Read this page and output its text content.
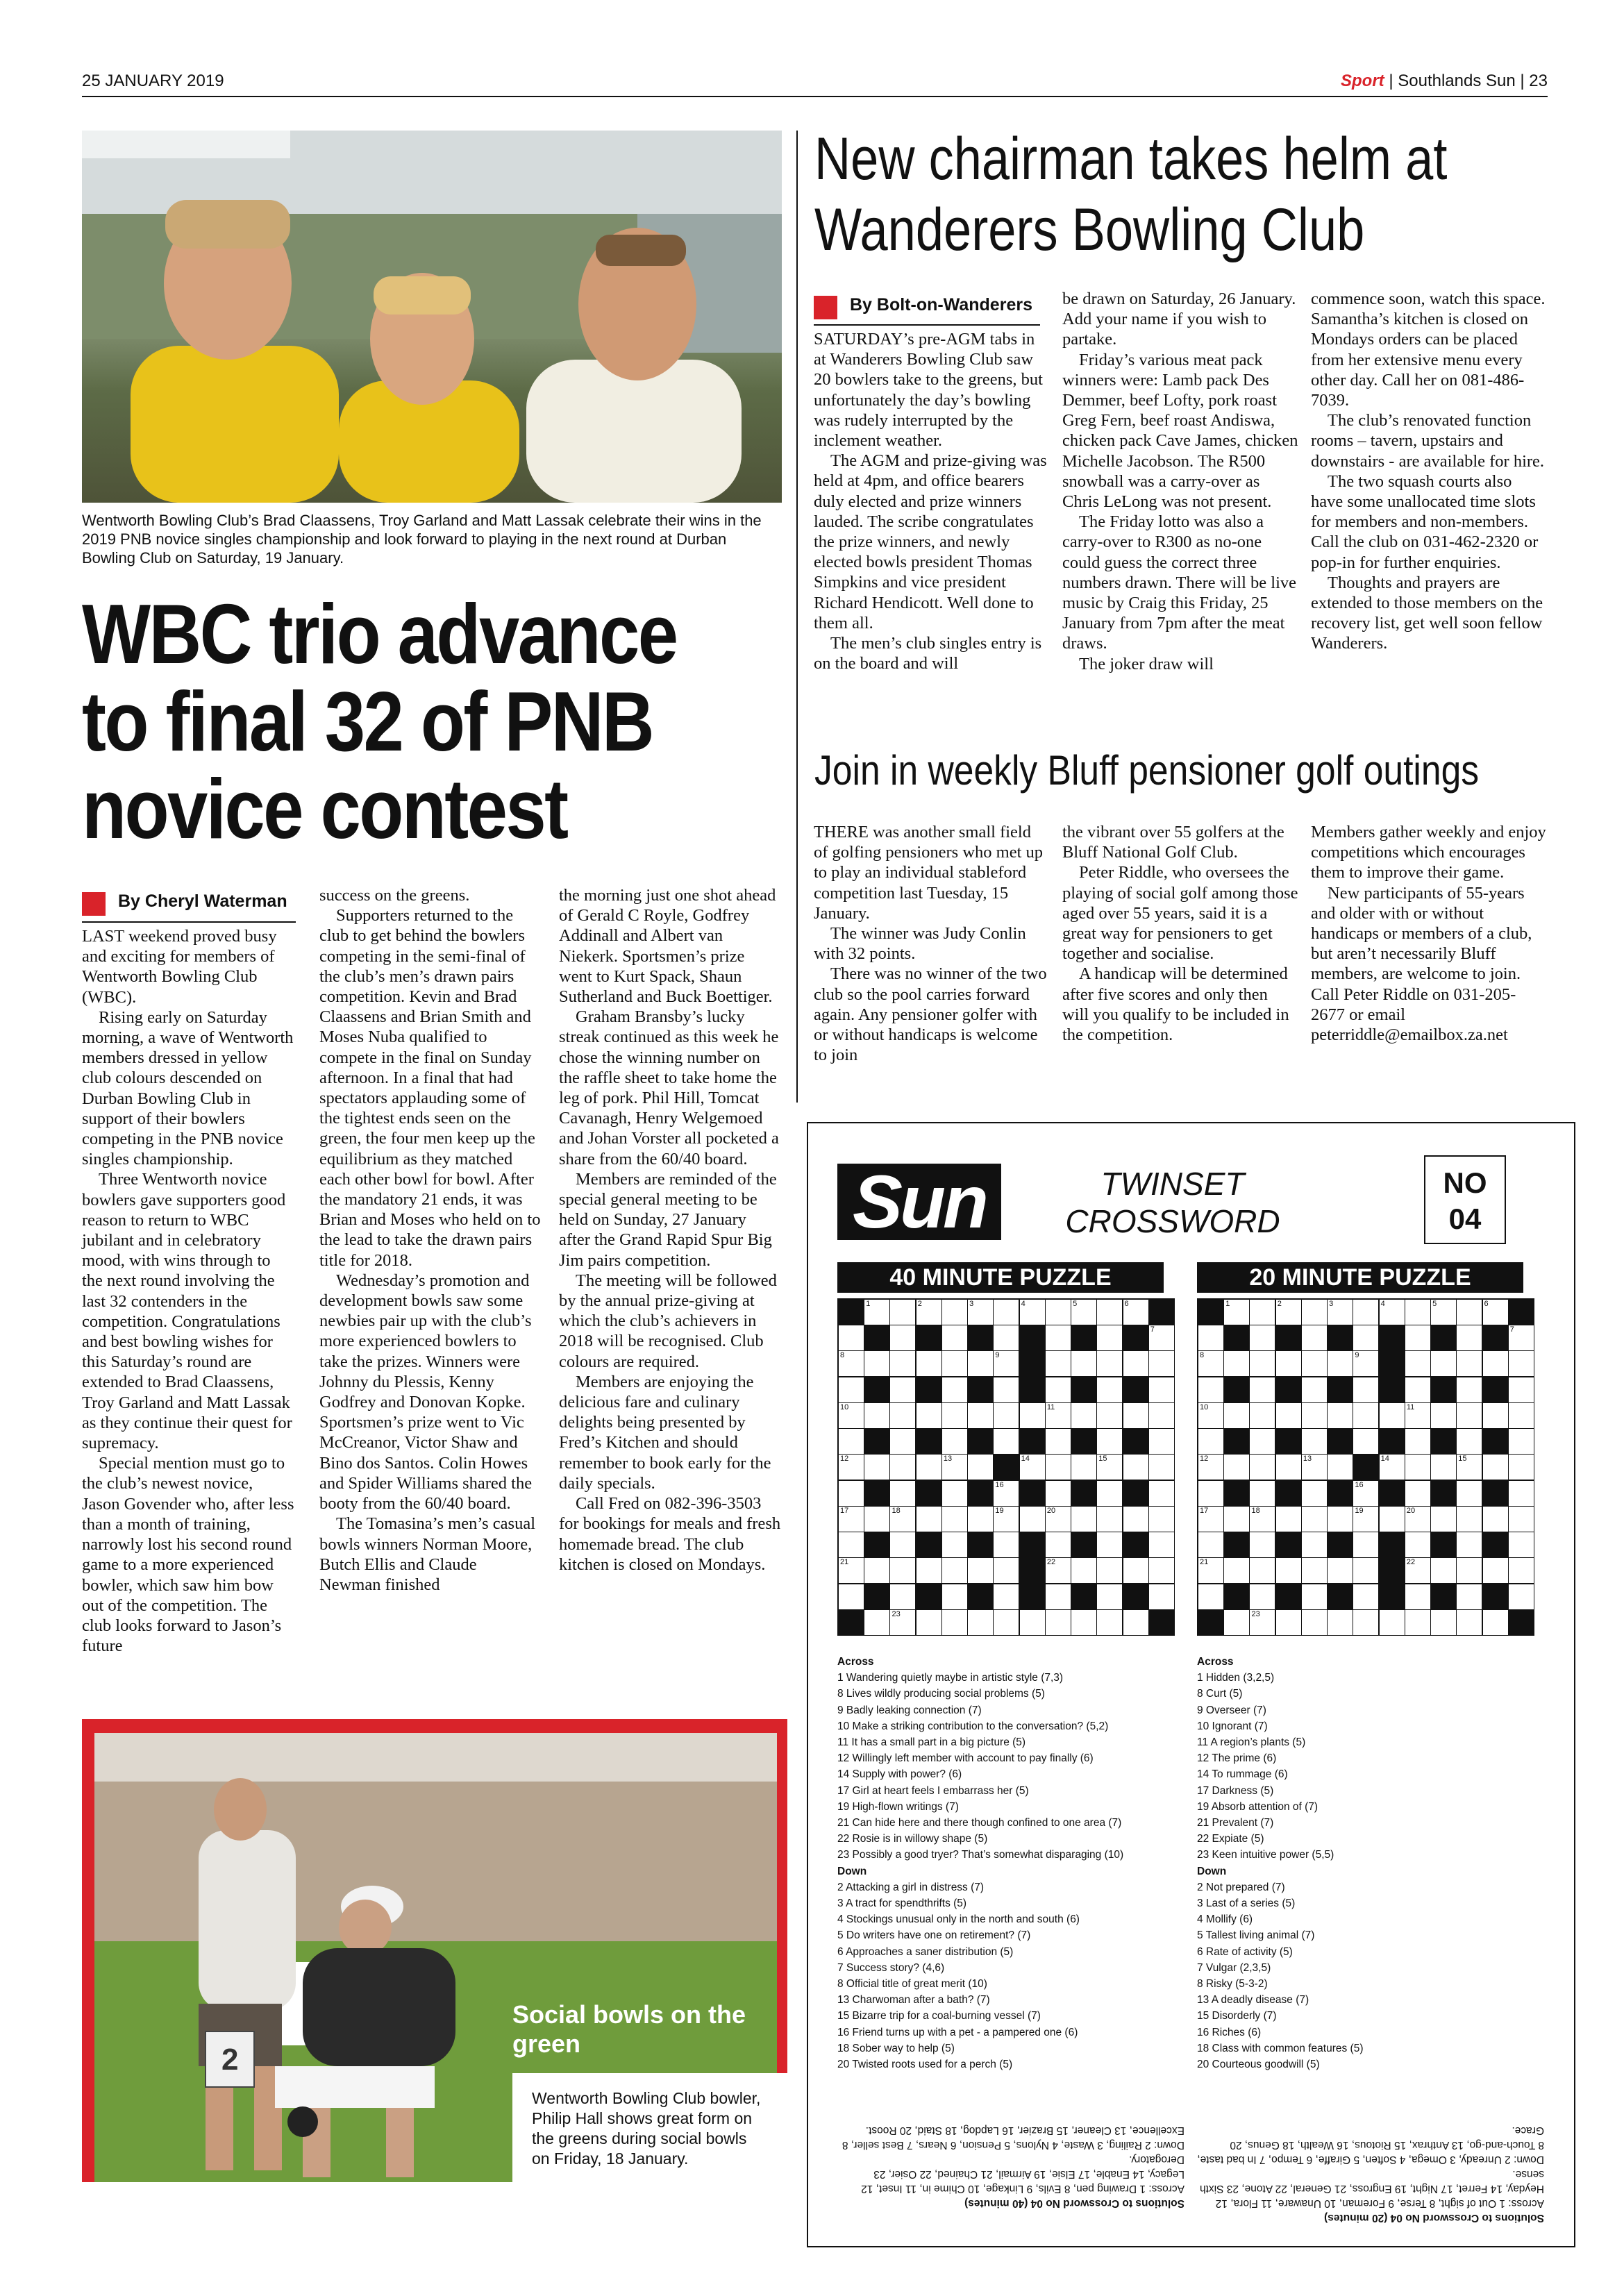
25 JANUARY 2019	Sport | Southlands Sun | 23
Wentworth Bowling Club’s Brad Claassens, Troy Garland and Matt Lassak celebrate their wins in the 2019 PNB novice singles championship and look forward to playing in the next round at Durban Bowling Club on Saturday, 19 January.
WBC trio advance
to final 32 of PNB
novice contest
By Cheryl Waterman

LAST weekend proved busy and exciting for members of Wentworth Bowling Club (WBC).

Rising early on Saturday morning, a wave of Wentworth members dressed in yellow club colours descended on Durban Bowling Club in support of their bowlers competing in the PNB novice singles championship.

Three Wentworth novice bowlers gave supporters good reason to return to WBC jubilant and in celebratory mood, with wins through to the next round involving the last 32 contenders in the competition. Congratulations and best bowling wishes for this Saturday’s round are extended to Brad Claassens, Troy Garland and Matt Lassak as they continue their quest for supremacy.

Special mention must go to the club’s newest novice, Jason Govender who, after less than a month of training, narrowly lost his second round game to a more experienced bowler, which saw him bow out of the competition. The club looks forward to Jason’s future

success on the greens.

Supporters returned to the club to get behind the bowlers competing in the semi-final of the club’s men’s drawn pairs competition. Kevin and Brad Claassens and Brian Smith and Moses Nuba qualified to compete in the final on Sunday afternoon. In a final that had spectators applauding some of the tightest ends seen on the green, the four men keep up the equilibrium as they matched each other bowl for bowl. After the mandatory 21 ends, it was Brian and Moses who held on to the lead to take the drawn pairs title for 2018.

Wednesday’s promotion and development bowls saw some newbies pair up with the club’s more experienced bowlers to take the prizes. Winners were Johnny du Plessis, Kenny Godfrey and Donovan Kopke. Sportsmen’s prize went to Vic McCreanor, Victor Shaw and Bino dos Santos. Colin Howes and Spider Williams shared the booty from the 60/40 board.

The Tomasina’s men’s casual bowls winners Norman Moore, Butch Ellis and Claude Newman finished

the morning just one shot ahead of Gerald C Royle, Godfrey Addinall and Albert van Niekerk. Sportsmen’s prize went to Kurt Spack, Shaun Sutherland and Buck Boettiger.

Graham Bransby’s lucky streak continued as this week he chose the winning number on the raffle sheet to take home the leg of pork. Phil Hill, Tomcat Cavanagh, Henry Welgemoed and Johan Vorster all pocketed a share from the 60/40 board.

Members are reminded of the special general meeting to be held on Sunday, 27 January after the Grand Rapid Spur Big Jim pairs competition.

The meeting will be followed by the annual prize-giving at which the club’s achievers in 2018 will be recognised. Club colours are required.

Members are enjoying the delicious fare and culinary delights being presented by Fred’s Kitchen and should remember to book early for the daily specials.

Call Fred on 082-396-3503 for bookings for meals and fresh homemade bread. The club kitchen is closed on Mondays.

New chairman takes helm at
Wanderers Bowling Club
By Bolt-on-Wanderers

SATURDAY’s pre-AGM tabs in at Wanderers Bowling Club saw 20 bowlers take to the greens, but unfortunately the day’s bowling was rudely interrupted by the inclement weather.

The AGM and prize-giving was held at 4pm, and office bearers duly elected and prize winners lauded. The scribe congratulates the prize winners, and newly elected bowls president Thomas Simpkins and vice president Richard Hendicott. Well done to them all.

The men’s club singles entry is on the board and will

be drawn on Saturday, 26 January. Add your name if you wish to partake.

Friday’s various meat pack winners were: Lamb pack Des Demmer, beef Lofty, pork roast Greg Fern, beef roast Andiswa, chicken pack Cave James, chicken Michelle Jacobson. The R500 snowball was a carry-over as Chris LeLong was not present.

The Friday lotto was also a carry-over to R300 as no-one could guess the correct three numbers drawn. There will be live music by Craig this Friday, 25 January from 7pm after the meat draws.

The joker draw will

commence soon, watch this space. Samantha’s kitchen is closed on Mondays orders can be placed from her extensive menu every other day. Call her on 081-486-7039.

The club’s renovated function rooms – tavern, upstairs and downstairs - are available for hire.

The two squash courts also have some unallocated time slots for members and non-members. Call the club on 031-462-2320 or pop-in for further enquiries.

Thoughts and prayers are extended to those members on the recovery list, get well soon fellow Wanderers.

Join in weekly Bluff pensioner golf outings

THERE was another small field of golfing pensioners who met up to play an individual stableford competition last Tuesday, 15 January.

The winner was Judy Conlin with 32 points.

There was no winner of the two club so the pool carries forward again. Any pensioner golfer with or without handicaps is welcome to join

the vibrant over 55 golfers at the Bluff National Golf Club.

Peter Riddle, who oversees the playing of social golf among those aged over 55 years, said it is a great way for pensioners to get together and socialise.

A handicap will be determined after five scores and only then will you qualify to be included in the competition.

Members gather weekly and enjoy competitions which encourages them to improve their game.

New participants of 55-years and older with or without handicaps or members of a club, but aren’t necessarily Bluff members, are welcome to join. Call Peter Riddle on 031-205-2677 or email peterriddle@emailbox.za.net

2
Social bowls on the green
Wentworth Bowling Club bowler, Philip Hall shows great form on the greens during social bowls on Friday, 18 January.
Sun	TWINSET
CROSSWORD
NO
04
40 MINUTE PUZZLE	20 MINUTE PUZZLE
1	2	3	4	5	6
7
8	9
10	11
12	13	14	15
16
17	18	19	20
21	22
23
1	2	3	4	5	6
7
8	9
10	11
12	13	14	15
16
17	18	19	20
21	22
23
Across
1 Wandering quietly maybe in artistic style (7,3)
8 Lives wildly producing social problems (5)
9 Badly leaking connection (7)
10 Make a striking contribution to the conversation? (5,2)
11 It has a small part in a big picture (5)
12 Willingly left member with account to pay finally (6)
14 Supply with power? (6)
17 Girl at heart feels I embarrass her (5)
19 High-flown writings (7)
21 Can hide here and there though confined to one area (7)
22 Rosie is in willowy shape (5)
23 Possibly a good tryer? That’s somewhat disparaging (10)
Down
2 Attacking a girl in distress (7)
3 A tract for spendthrifts (5)
4 Stockings unusual only in the north and south (6)
5 Do writers have one on retirement? (7)
6 Approaches a saner distribution (5)
7 Success story? (4,6)
8 Official title of great merit (10)
13 Charwoman after a bath? (7)
15 Bizarre trip for a coal-burning vessel (7)
16 Friend turns up with a pet - a pampered one (6)
18 Sober way to help (5)
20 Twisted roots used for a perch (5)
Across
1 Hidden (3,2,5)
8 Curt (5)
9 Overseer (7)
10 Ignorant (7)
11 A region’s plants (5)
12 The prime (6)
14 To rummage (6)
17 Darkness (5)
19 Absorb attention of (7)
21 Prevalent (7)
22 Expiate (5)
23 Keen intuitive power (5,5)
Down
2 Not prepared (7)
3 Last of a series (5)
4 Mollify (6)
5 Tallest living animal (7)
6 Rate of activity (5)
7 Vulgar (2,3,5)
8 Risky (5-3-2)
13 A deadly disease (7)
15 Disorderly (7)
16 Riches (6)
18 Class with common features (5)
20 Courteous goodwill (5)
Solutions to Crossword No 04 (40 minutes)
Across: 1 Drawing pen, 8 Evils, 9 Linkage, 10 Chime in, 11 Inset, 12 Legacy, 14 Enable, 17 Elsie, 19 Airmail, 21 Chained, 22 Osier, 23 Derogatory.
Down: 2 Railing, 3 Waste, 4 Nylons, 5 Pension, 6 Nears, 7 Best seller, 8 Excellence, 13 Cleaner, 15 Brazier, 16 Lapdog, 18 Staid, 20 Roost.
Solutions to Crossword No 04 (20 minutes)
Across: 1 Out of sight, 8 Terse, 9 Foreman, 10 Unaware, 11 Flora, 12 Heyday, 14 Ferret, 17 Night, 19 Engross, 21 General, 22 Atone, 23 Sixth sense.
Down: 2 Unready, 3 Omega, 4 Soften, 5 Giraffe, 6 Tempo, 7 In bad taste, 8 Touch-and-go, 13 Anthrax, 15 Riotous, 16 Wealth, 18 Genus, 20 Grace.
